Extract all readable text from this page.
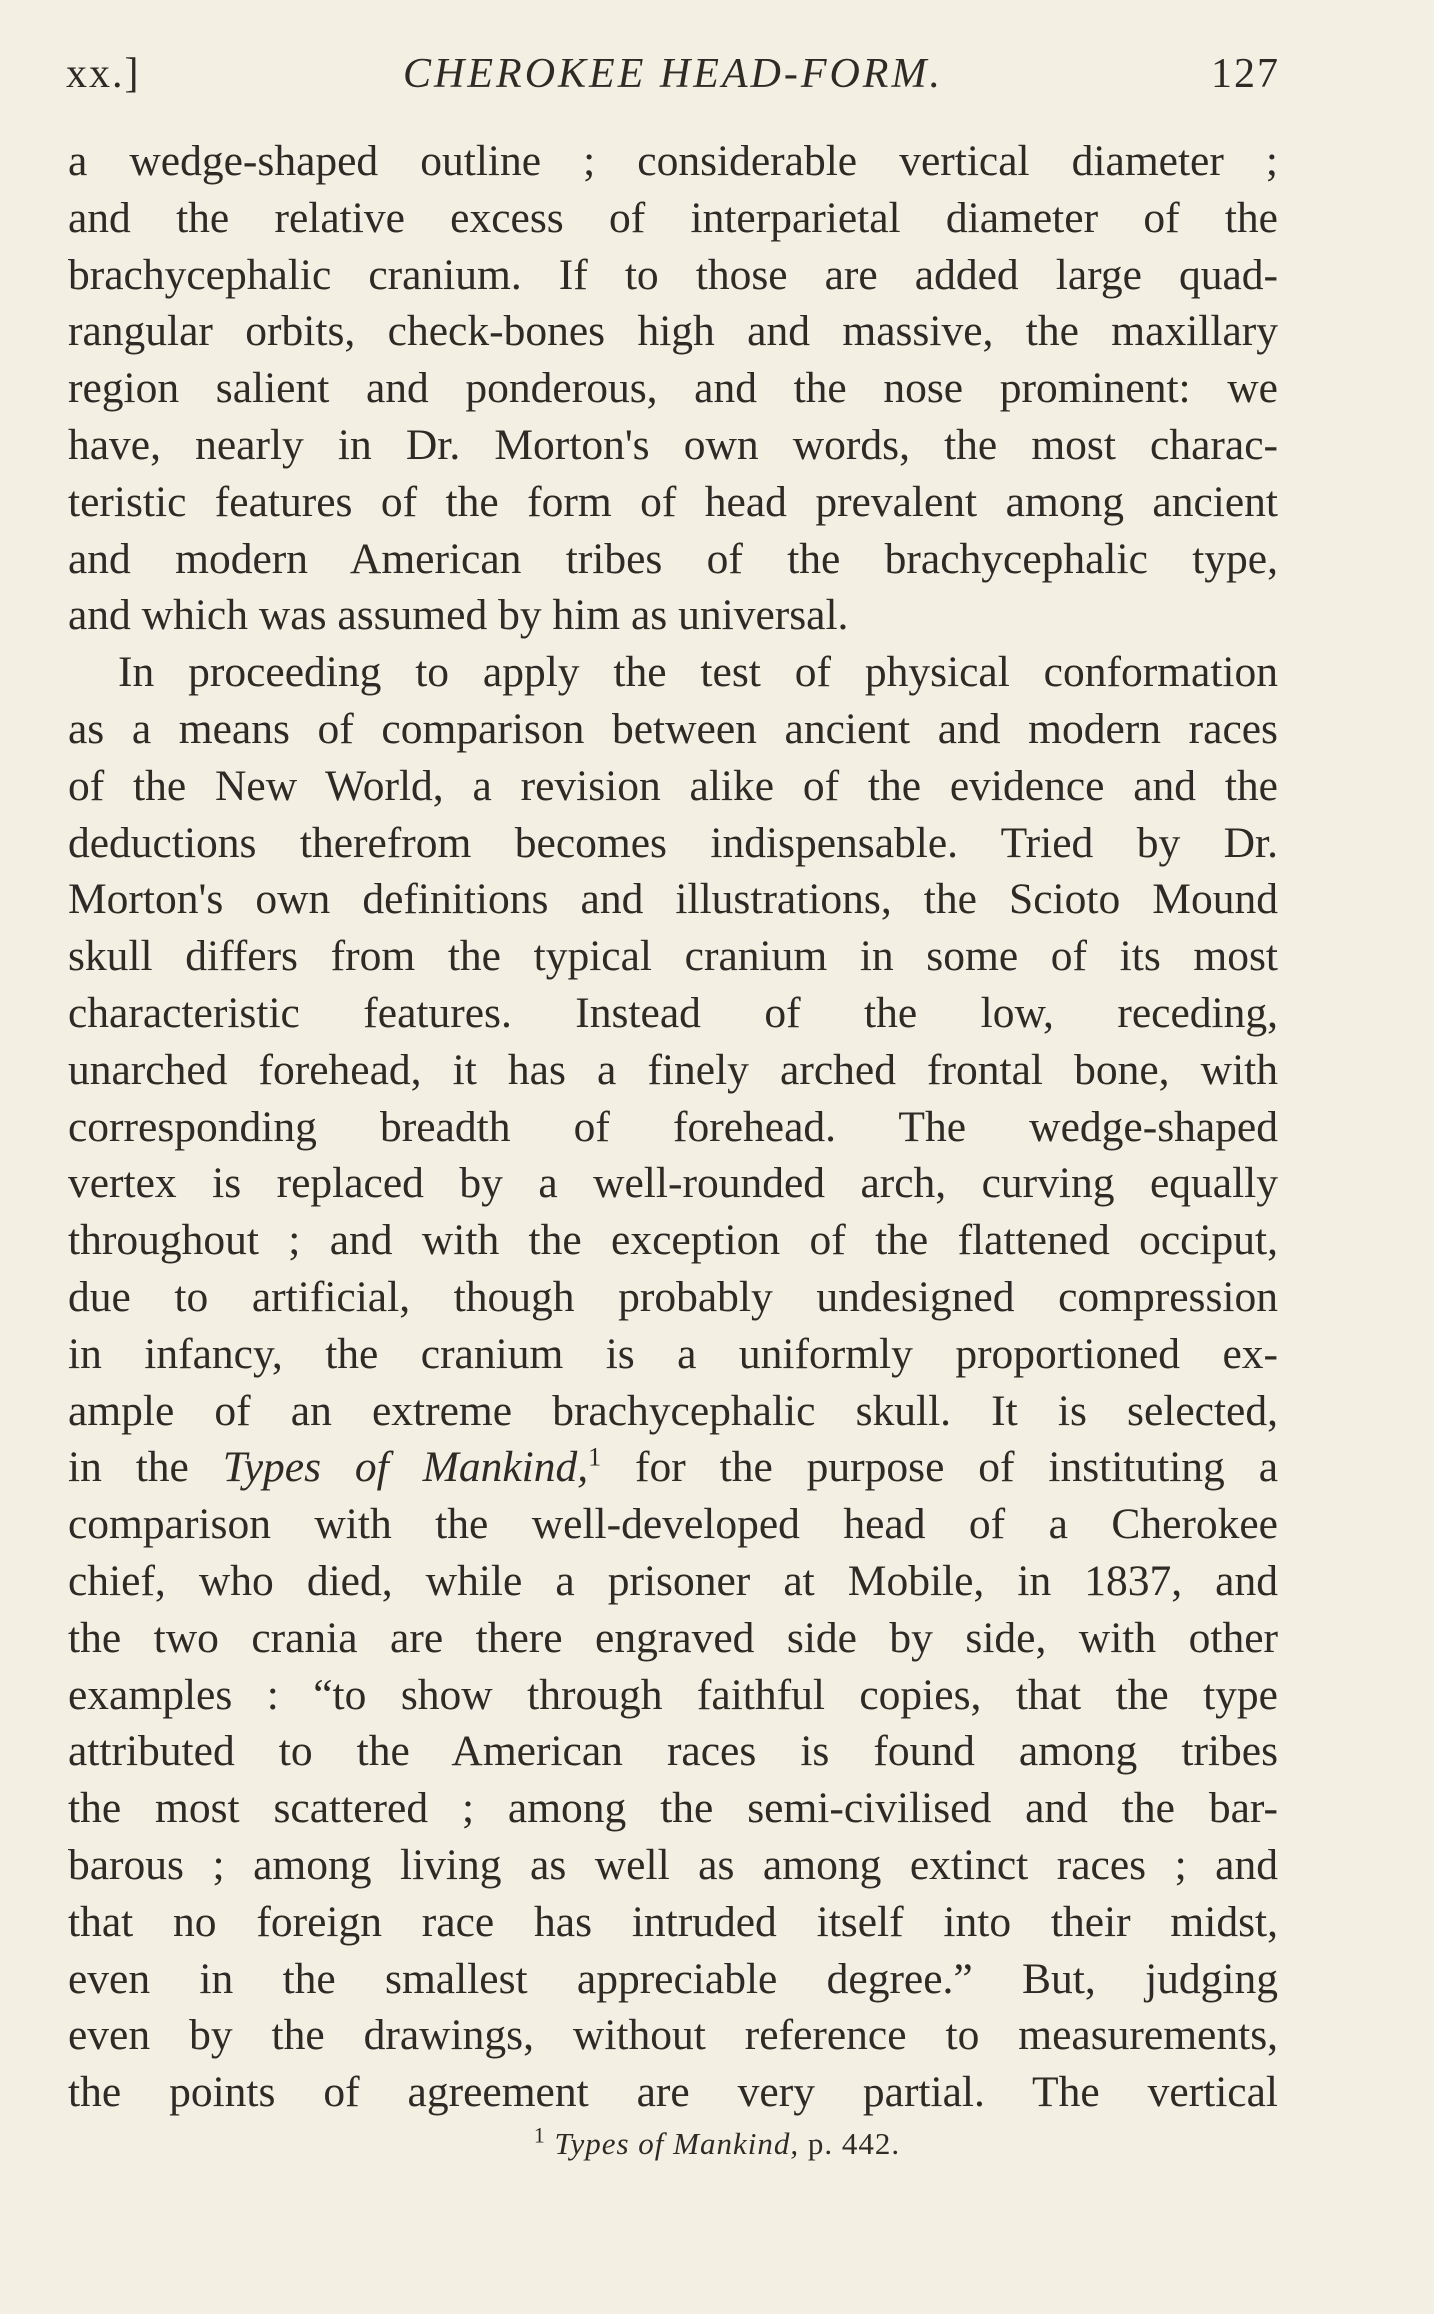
xx.]	CHEROKEE HEAD-FORM.	127
a wedge-shaped outline ; considerable vertical diameter ;
and the relative excess of interparietal diameter of the
brachycephalic cranium. If to those are added large quad-
rangular orbits, check-bones high and massive, the maxillary
region salient and ponderous, and the nose prominent: we
have, nearly in Dr. Morton's own words, the most charac-
teristic features of the form of head prevalent among ancient
and modern American tribes of the brachycephalic type,
and which was assumed by him as universal.
In proceeding to apply the test of physical conformation
as a means of comparison between ancient and modern races
of the New World, a revision alike of the evidence and the
deductions therefrom becomes indispensable. Tried by Dr.
Morton's own definitions and illustrations, the Scioto Mound
skull differs from the typical cranium in some of its most
characteristic features. Instead of the low, receding,
unarched forehead, it has a finely arched frontal bone, with
corresponding breadth of forehead. The wedge-shaped
vertex is replaced by a well-rounded arch, curving equally
throughout ; and with the exception of the flattened occiput,
due to artificial, though probably undesigned compression
in infancy, the cranium is a uniformly proportioned ex-
ample of an extreme brachycephalic skull. It is selected,
in the Types of Mankind,$^1$ for the purpose of instituting a
comparison with the well-developed head of a Cherokee
chief, who died, while a prisoner at Mobile, in 1837, and
the two crania are there engraved side by side, with other
examples : “to show through faithful copies, that the type
attributed to the American races is found among tribes
the most scattered ; among the semi-civilised and the bar-
barous ; among living as well as among extinct races ; and
that no foreign race has intruded itself into their midst,
even in the smallest appreciable degree.” But, judging
even by the drawings, without reference to measurements,
the points of agreement are very partial. The vertical
$^1$ Types of Mankind, p. 442.
